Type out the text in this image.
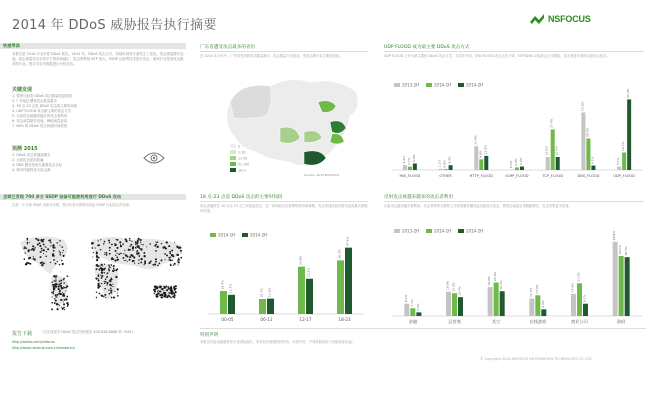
2014 年 DDoS 威胁报告执行摘要	NSFOCUS
快速导读
本报告是 2014 年全年度 DDoS 报告。2014 年，DDoS 攻击方式、持续时间等方面发生了变化，攻击流量增长迅速，攻击流量来自全球多个国家和地区，攻击者利用 NTP 放大、SSDP 反射等技术进行攻击；游戏行业是受攻击最多的行业。报告对全年数据进行分析总结。
关键发现
1. 暂停反射类 DDoS 攻击数量明显增加
2. 广东地区遭受攻击数量最多
3. 18 点-23 点是 DDoS 攻击的主要时间段
4. UDP FLOOD 成为最主要的攻击方式
5. 反射攻击被越来越多的攻击者利用
6. 攻击流量增长迅速，峰值流量更高
7. 66% 的 DDoS 攻击持续时间较短
预测 2015
1. DDoS 攻击将继续增长
2. 反射攻击更加普遍
3. DNS 服务将成为重要攻击目标
4. 移动终端将成为攻击源
全球已发现 700 多万 SSDP 设备可能被利用进行 DDoS 攻击
这是一个全球 SSDP 设备分布图，黑点代表可被利用发起 SSDP 反射攻击的设备。
报告下载 （关注或更多 DDoS 攻击分析报告 400-818-6868 转 7424）
http://weibo.com/nsfocus
http://www.nsfocus.com.cn/research/
广东省遭受攻击最多的省份
在 2014 年全年中，广东省受到的攻击数量最多，攻击数量占比较高，受攻击的行业主要是游戏。
0
1-10
11-50
51-100
101+
Source: 2014 NSFOCUS
UDP FLOOD 成为最主要 DDoS 攻击方式
UDP FLOOD 上升为最主要的 DDoS 攻击方式，与往年不同，SYN FLOOD 攻击占比下降，NTP/DNS 反射攻击占比增加，攻击者更多利用反射放大技术。
2013-2H	2014-1H	2014-2H
4.6% 3.1% 6.0%
MIX_FLOOD
1.1% 0.8%
4.4%
OTHER
21.9%
9.8% 13.0%
HTTP_FLOOD
0.4% 2.4% 3.2%
ICMP_FLOOD
12.0%
37.4%
12.0%
TCP_FLOOD
53.0%
29.0%
4.1%
DNS_FLOOD
3.1%
16.1%
65.0%
UDP_FLOOD
18 点-23 点是 DDoS 攻击的主要时间段
攻击者通常在 18 点至 23 点之间发起攻击，这一时间段正好是网络使用高峰期，攻击者选择此时段可达到最大的破坏效果。
2014-1H	2014-2H
16.4% 13.7%
00-05
10.7% 11.0%
06-11
33.8%
25.2%
12-17
38.3%
47.4%
18-23
反射攻击被越来越多的攻击者利用
反射攻击越来越多被利用，攻击者利用互联网上开放的服务器发起反射放大攻击，使攻击流量呈指数级增长，攻击效果更为显著。
2013-2H	2014-1H	2014-2H
8.1%
5.1%
2.4%
金融
16.0% 15.0% 12.4%
运营商
19.0% 22.0%
16.3%
其它
11.5% 13.6%
4.4%
在线游戏
14.6%
21.5%
8.1%
商业公司
48.8%
39.5% 38.7%
政府
特别声明
本报告内容由绿盟科技专业团队编写，所有权归绿盟科技所有，未经许可，不得转载或用于其他商业用途。
© Copyright 2014 NSFOCUS INFORMATION TECHNOLOGY CO.,LTD
